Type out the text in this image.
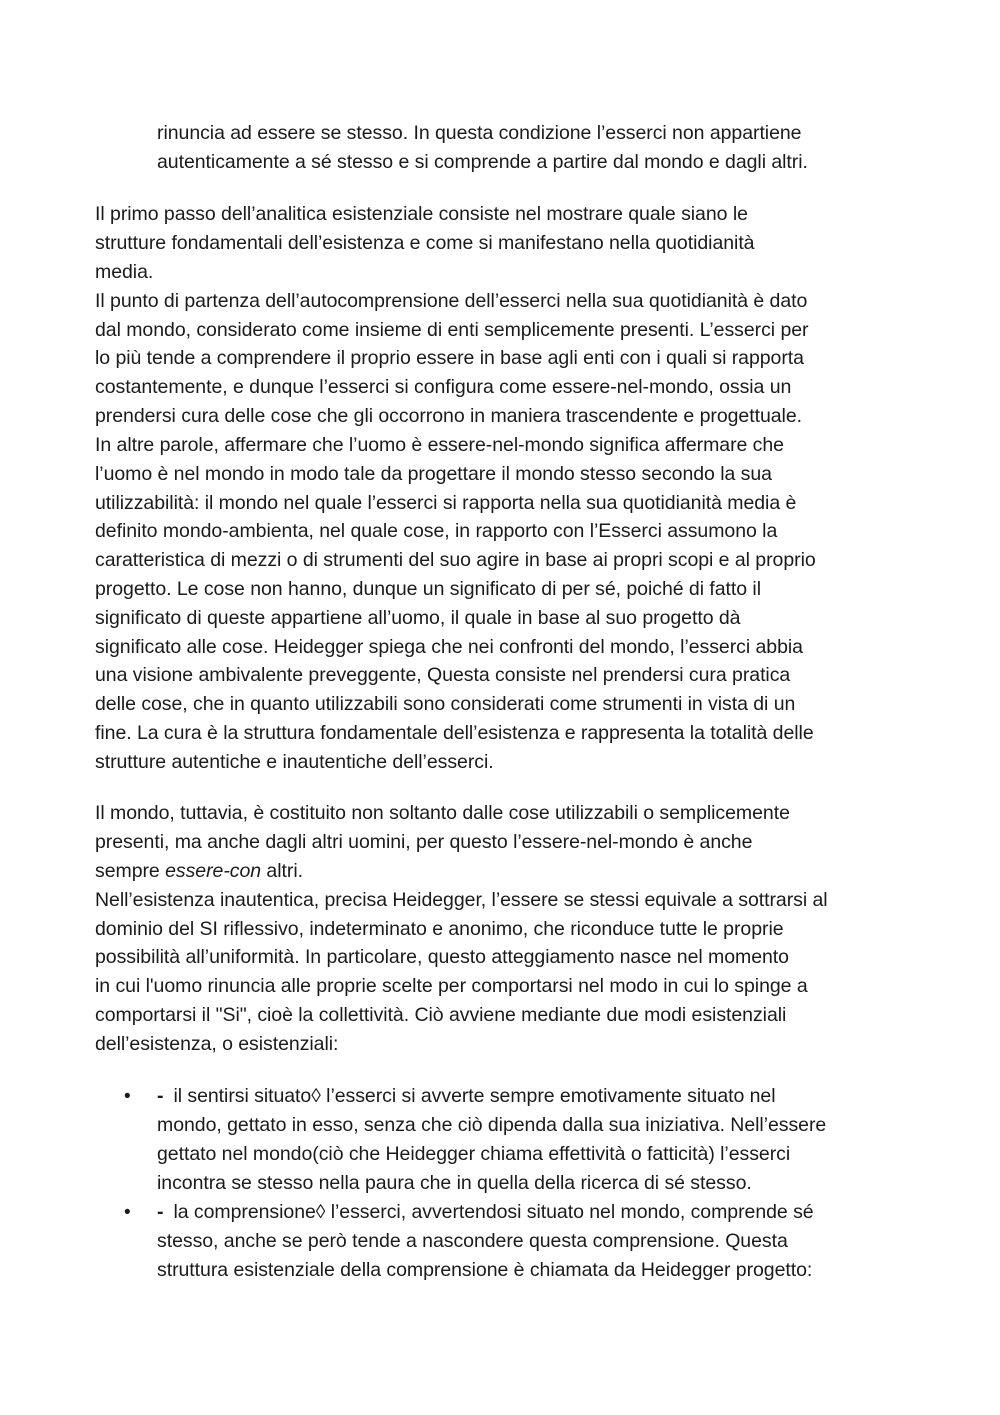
rinuncia ad essere se stesso. In questa condizione l’esserci non appartiene
autenticamente a sé stesso e si comprende a partire dal mondo e dagli altri.
Il primo passo dell’analitica esistenziale consiste nel mostrare quale siano le
strutture fondamentali dell’esistenza e come si manifestano nella quotidianità
media.
Il punto di partenza dell’autocomprensione dell’esserci nella sua quotidianità è dato
dal mondo, considerato come insieme di enti semplicemente presenti. L’esserci per
lo più tende a comprendere il proprio essere in base agli enti con i quali si rapporta
costantemente, e dunque l’esserci si configura come essere-nel-mondo, ossia un
prendersi cura delle cose che gli occorrono in maniera trascendente e progettuale.
In altre parole, affermare che l’uomo è essere-nel-mondo significa affermare che
l’uomo è nel mondo in modo tale da progettare il mondo stesso secondo la sua
utilizzabilità: il mondo nel quale l’esserci si rapporta nella sua quotidianità media è
definito mondo-ambienta, nel quale cose, in rapporto con l’Esserci assumono la
caratteristica di mezzi o di strumenti del suo agire in base ai propri scopi e al proprio
progetto. Le cose non hanno, dunque un significato di per sé, poiché di fatto il
significato di queste appartiene all’uomo, il quale in base al suo progetto dà
significato alle cose. Heidegger spiega che nei confronti del mondo, l’esserci abbia
una visione ambivalente preveggente, Questa consiste nel prendersi cura pratica
delle cose, che in quanto utilizzabili sono considerati come strumenti in vista di un
fine. La cura è la struttura fondamentale dell’esistenza e rappresenta la totalità delle
strutture autentiche e inautentiche dell’esserci.
Il mondo, tuttavia, è costituito non soltanto dalle cose utilizzabili o semplicemente
presenti, ma anche dagli altri uomini, per questo l’essere-nel-mondo è anche
sempre essere-con altri.
Nell’esistenza inautentica, precisa Heidegger, l’essere se stessi equivale a sottrarsi al
dominio del SI riflessivo, indeterminato e anonimo, che riconduce tutte le proprie
possibilità all’uniformità. In particolare, questo atteggiamento nasce nel momento
in cui l'uomo rinuncia alle proprie scelte per comportarsi nel modo in cui lo spinge a
comportarsi il "Si", cioè la collettività. Ciò avviene mediante due modi esistenziali
dell’esistenza, o esistenziali:
• - il sentirsi situato◊ l’esserci si avverte sempre emotivamente situato nel
mondo, gettato in esso, senza che ciò dipenda dalla sua iniziativa. Nell’essere
gettato nel mondo(ciò che Heidegger chiama effettività o fatticità) l’esserci
incontra se stesso nella paura che in quella della ricerca di sé stesso.
• - la comprensione◊ l’esserci, avvertendosi situato nel mondo, comprende sé
stesso, anche se però tende a nascondere questa comprensione. Questa
struttura esistenziale della comprensione è chiamata da Heidegger progetto:
